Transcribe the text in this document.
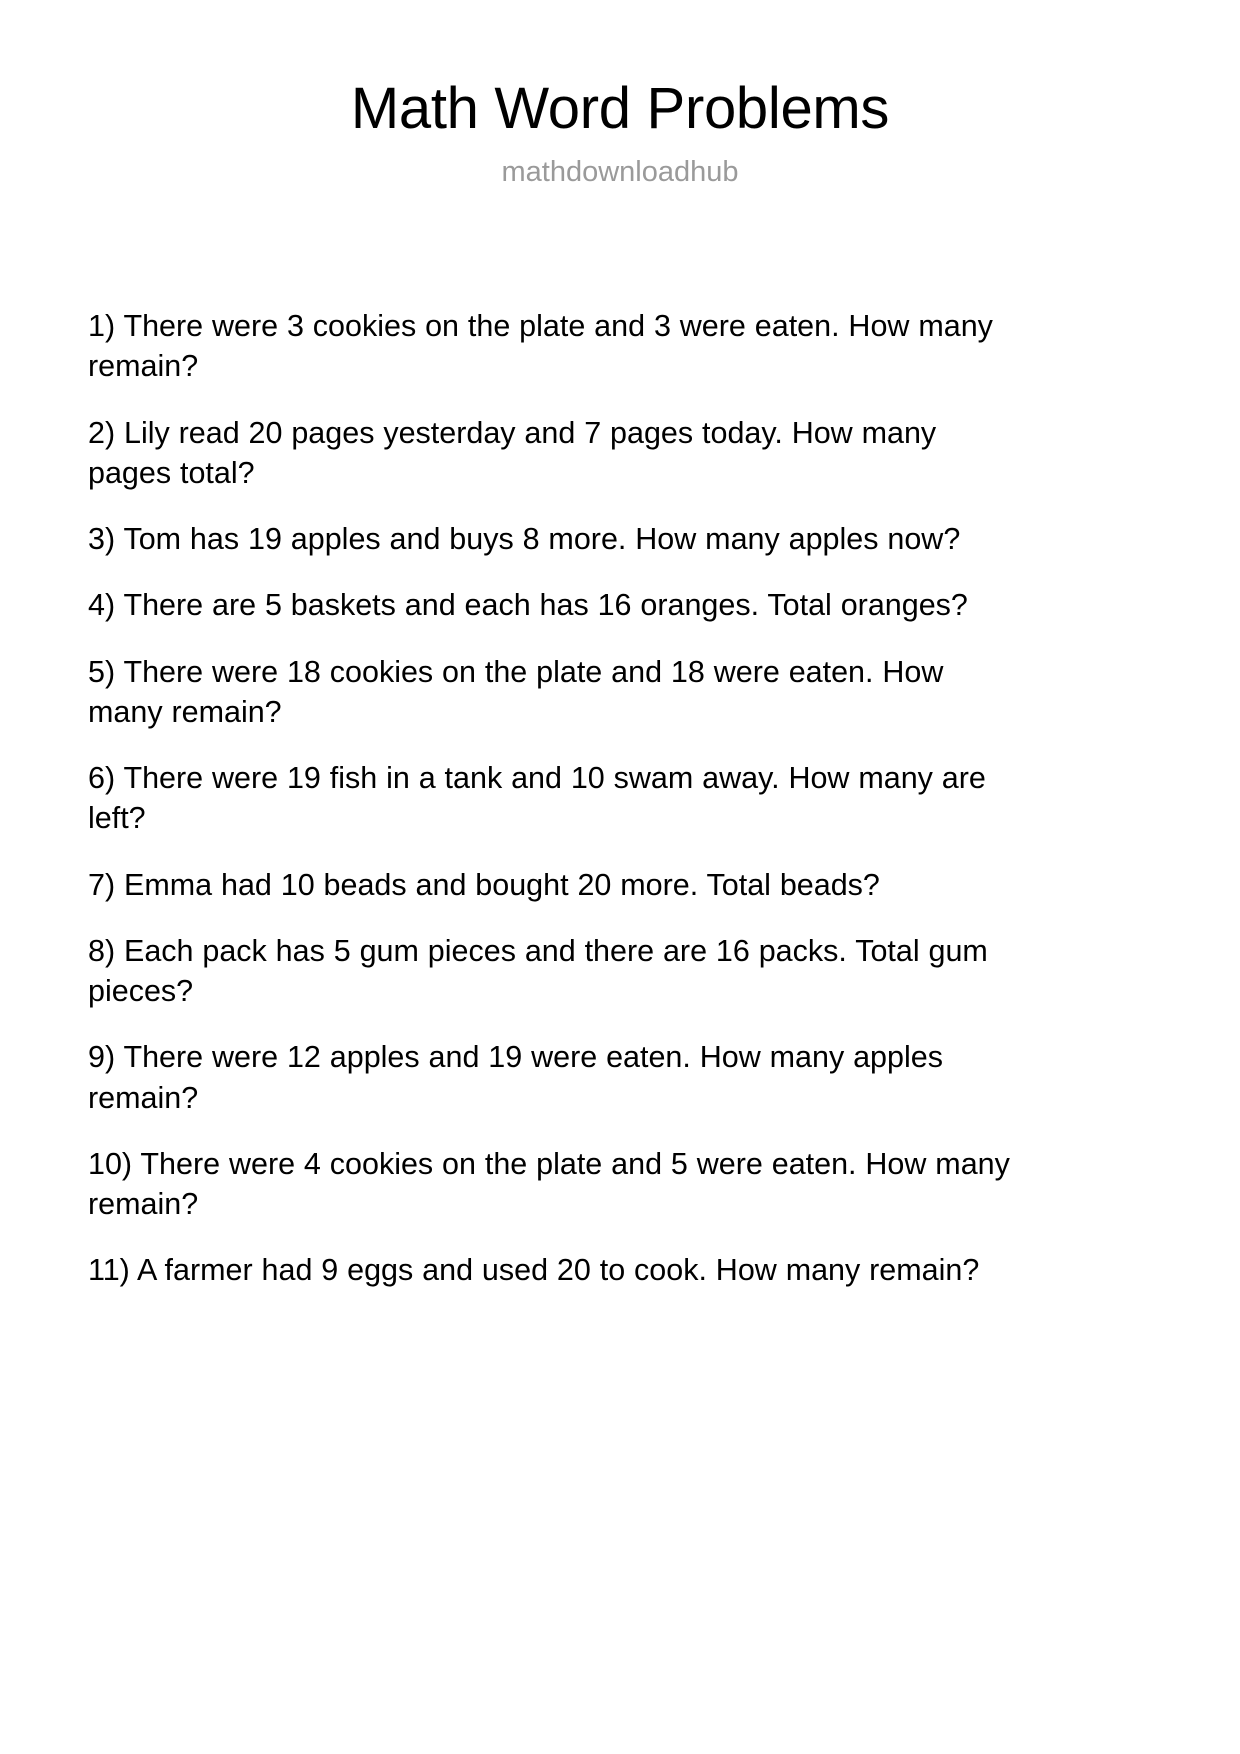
Math Word Problems
mathdownloadhub
1) There were 3 cookies on the plate and 3 were eaten. How many remain?
2) Lily read 20 pages yesterday and 7 pages today. How many pages total?
3) Tom has 19 apples and buys 8 more. How many apples now?
4) There are 5 baskets and each has 16 oranges. Total oranges?
5) There were 18 cookies on the plate and 18 were eaten. How many remain?
6) There were 19 fish in a tank and 10 swam away. How many are left?
7) Emma had 10 beads and bought 20 more. Total beads?
8) Each pack has 5 gum pieces and there are 16 packs. Total gum pieces?
9) There were 12 apples and 19 were eaten. How many apples remain?
10) There were 4 cookies on the plate and 5 were eaten. How many remain?
11) A farmer had 9 eggs and used 20 to cook. How many remain?
